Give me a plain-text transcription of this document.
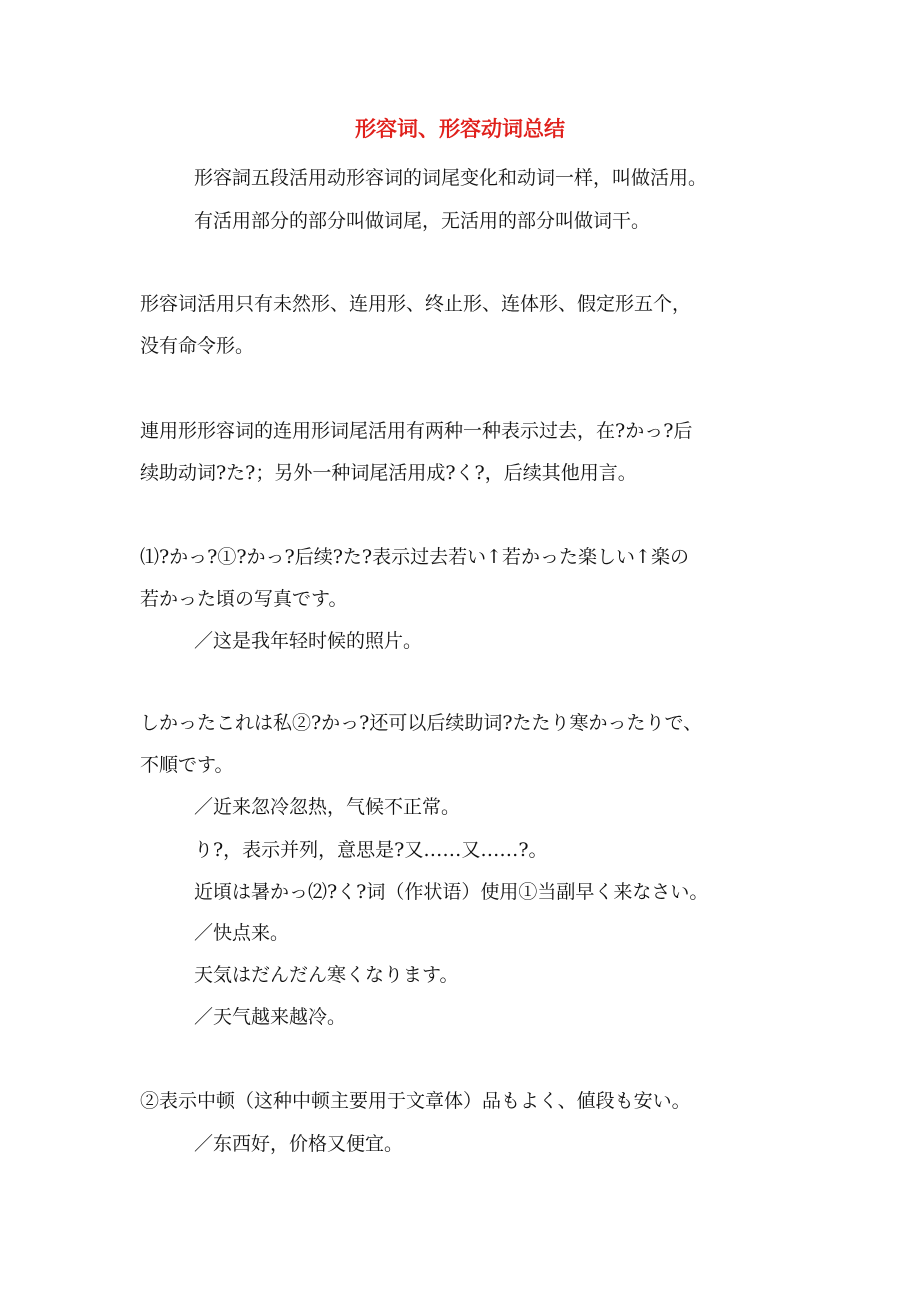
形容词、形容动词总结
形容詞五段活用动形容词的词尾变化和动词一样，叫做活用。
有活用部分的部分叫做词尾，无活用的部分叫做词干。
形容词活用只有未然形、连用形、终止形、连体形、假定形五个，
没有命令形。
連用形形容词的连用形词尾活用有两种一种表示过去，在?かっ?后
续助动词?た?；另外一种词尾活用成?く?，后续其他用言。
⑴?かっ?①?かっ?后续?た?表示过去若い↑若かった楽しい↑楽の
若かった頃の写真です。
／这是我年轻时候的照片。
しかったこれは私②?かっ?还可以后续助词?たたり寒かったりで、
不順です。
／近来忽冷忽热，气候不正常。
り?，表示并列，意思是?又……又……?。
近頃は暑かっ⑵?く?词（作状语）使用①当副早く来なさい。
／快点来。
天気はだんだん寒くなります。
／天气越来越冷。
②表示中顿（这种中顿主要用于文章体）品もよく、値段も安い。
／东西好，价格又便宜。
